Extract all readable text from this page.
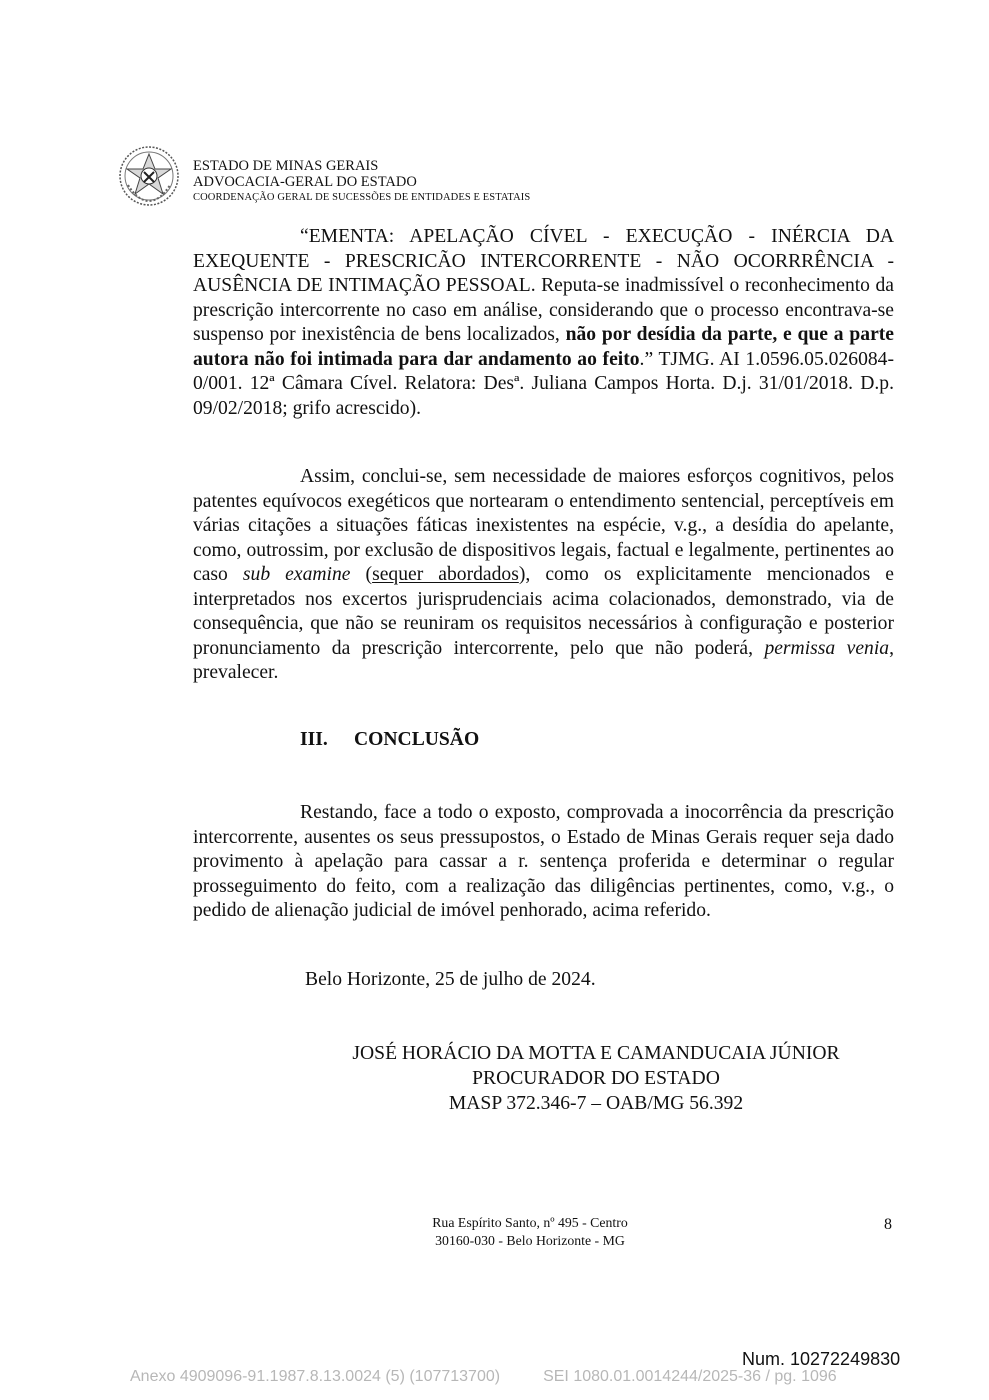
ESTADO DE MINAS GERAIS
ADVOCACIA-GERAL DO ESTADO
COORDENAÇÃO GERAL DE SUCESSÕES DE ENTIDADES E ESTATAIS

“EMENTA: APELAÇÃO CÍVEL - EXECUÇÃO - INÉRCIA DA EXEQUENTE - PRESCRICÃO INTERCORRENTE - NÃO OCORRRÊNCIA - AUSÊNCIA DE INTIMAÇÃO PESSOAL. Reputa-se inadmissível o reconhecimento da prescrição intercorrente no caso em análise, considerando que o processo encontrava-se suspenso por inexistência de bens localizados, não por desídia da parte, e que a parte autora não foi intimada para dar andamento ao feito.” TJMG. AI 1.0596.05.026084-0/001. 12ª Câmara Cível. Relatora: Desª. Juliana Campos Horta. D.j. 31/01/2018. D.p. 09/02/2018; grifo acrescido).

Assim, conclui-se, sem necessidade de maiores esforços cognitivos, pelos patentes equívocos exegéticos que nortearam o entendimento sentencial, perceptíveis em várias citações a situações fáticas inexistentes na espécie, v.g., a desídia do apelante, como, outrossim, por exclusão de dispositivos legais, factual e legalmente, pertinentes ao caso sub examine (sequer abordados), como os explicitamente mencionados e interpretados nos excertos jurisprudenciais acima colacionados, demonstrado, via de consequência, que não se reuniram os requisitos necessários à configuração e posterior pronunciamento da prescrição intercorrente, pelo que não poderá, permissa venia, prevalecer.

III. CONCLUSÃO

Restando, face a todo o exposto, comprovada a inocorrência da prescrição intercorrente, ausentes os seus pressupostos, o Estado de Minas Gerais requer seja dado provimento à apelação para cassar a r. sentença proferida e determinar o regular prosseguimento do feito, com a realização das diligências pertinentes, como, v.g., o pedido de alienação judicial de imóvel penhorado, acima referido.

Belo Horizonte, 25 de julho de 2024.
JOSÉ HORÁCIO DA MOTTA E CAMANDUCAIA JÚNIOR
PROCURADOR DO ESTADO
MASP 372.346-7 – OAB/MG 56.392
Rua Espírito Santo, nº 495 - Centro
30160-030 - Belo Horizonte - MG
8
Num. 10272249830
Anexo 4909096-91.1987.8.13.0024 (5) (107713700)	SEI 1080.01.0014244/2025-36 / pg. 1096
